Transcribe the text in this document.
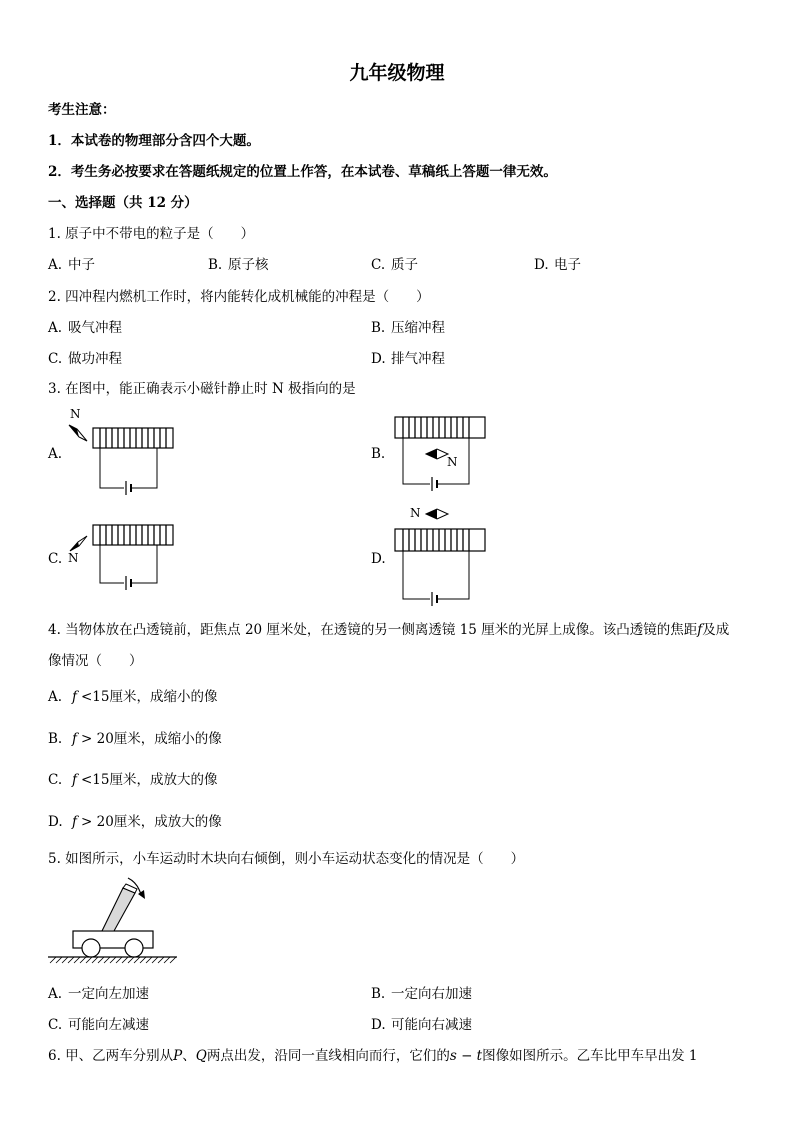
九年级物理
考生注意：
1．本试卷的物理部分含四个大题。
2．考生务必按要求在答题纸规定的位置上作答，在本试卷、草稿纸上答题一律无效。
一、选择题（共 12 分）
1. 原子中不带电的粒子是（　　）
A. 中子	B. 原子核	C. 质子	D. 电子
2. 四冲程内燃机工作时，将内能转化成机械能的冲程是（　　）
A. 吸气冲程	B. 压缩冲程
C. 做功冲程	D. 排气冲程
3. 在图中，能正确表示小磁针静止时 N 极指向的是
A.
N
B.	N
C. N	D.
N
4. 当物体放在凸透镜前，距焦点 20 厘米处，在透镜的另一侧离透镜 15 厘米的光屏上成像。该凸透镜的焦距f及成
像情况（　　）
A. f <15厘米，成缩小的像
B. f > 20厘米，成缩小的像
C. f <15厘米，成放大的像
D. f > 20厘米，成放大的像
5. 如图所示，小车运动时木块向右倾倒，则小车运动状态变化的情况是（　　）
A. 一定向左加速	B. 一定向右加速
C. 可能向左减速	D. 可能向右减速
6. 甲、乙两车分别从P、Q两点出发，沿同一直线相向而行，它们的s − t图像如图所示。乙车比甲车早出发 1
